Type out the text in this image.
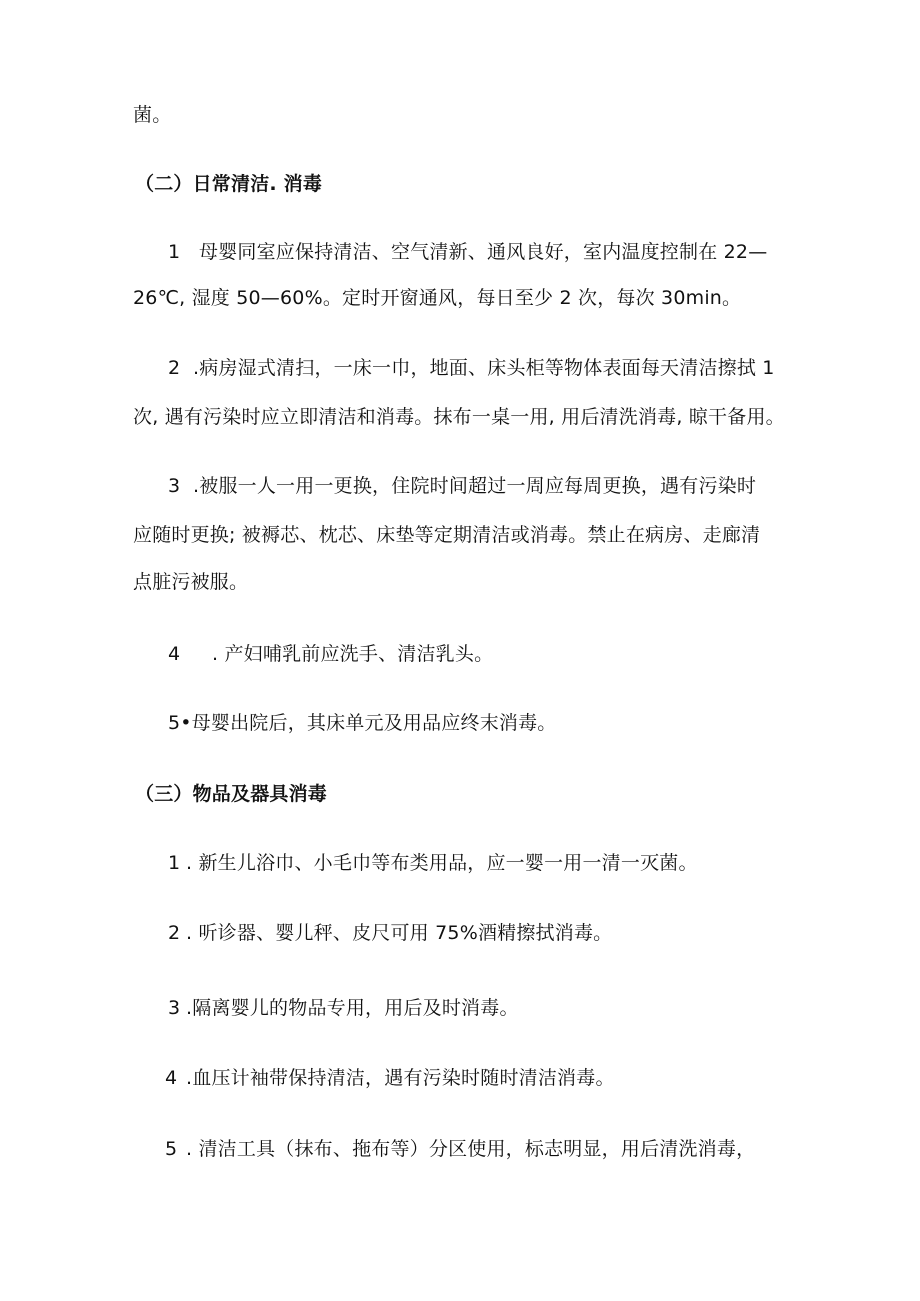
菌。
（二）日常清洁. 消毒
1 母婴同室应保持清洁、空气清新、通风良好，室内温度控制在 22—
26℃, 湿度 50—60%。定时开窗通风，每日至少 2 次，每次 30min。
2 .病房湿式清扫，一床一巾，地面、床头柜等物体表面每天清洁擦拭 1
次, 遇有污染时应立即清洁和消毒。抹布一桌一用, 用后清洗消毒, 晾干备用。
3 .被服一人一用一更换，住院时间超过一周应每周更换，遇有污染时
应随时更换; 被褥芯、枕芯、床垫等定期清洁或消毒。禁止在病房、走廊清
点脏污被服。
4 . 产妇哺乳前应洗手、清洁乳头。
5•母婴出院后，其床单元及用品应终末消毒。
（三）物品及器具消毒
1 . 新生儿浴巾、小毛巾等布类用品，应一婴一用一清一灭菌。
2 . 听诊器、婴儿秤、皮尺可用 75%酒精擦拭消毒。
3 .隔离婴儿的物品专用，用后及时消毒。
4 .血压计袖带保持清洁，遇有污染时随时清洁消毒。
5 . 清洁工具（抹布、拖布等）分区使用，标志明显，用后清洗消毒，
